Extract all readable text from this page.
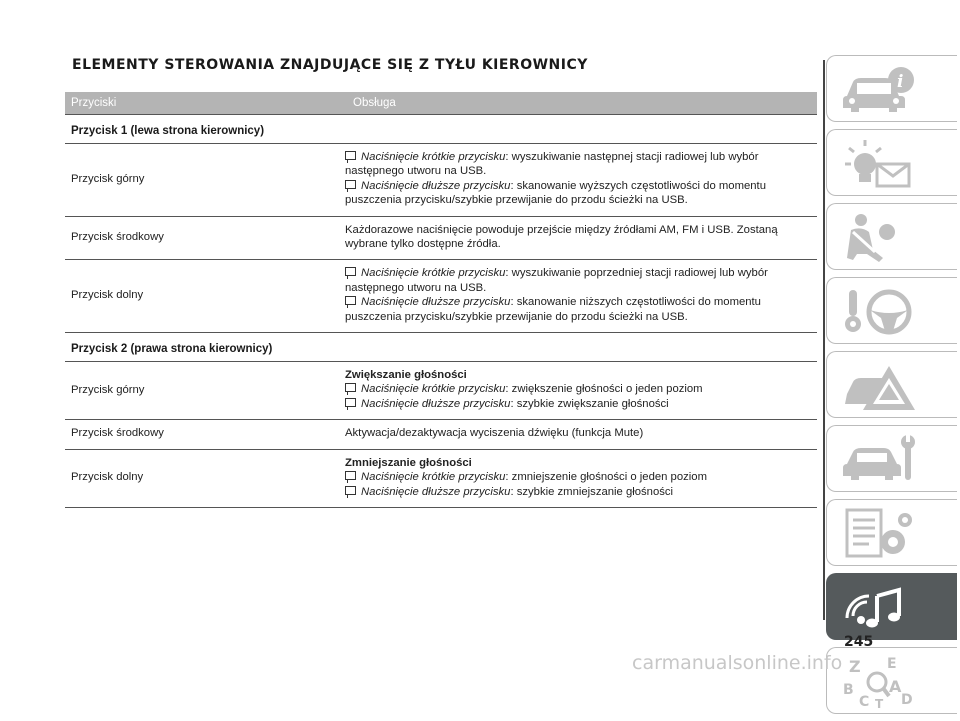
ELEMENTY STEROWANIA ZNAJDUJĄCE SIĘ Z TYŁU KIEROWNICY
Przyciski	Obsługa
Przycisk 1 (lewa strona kierownicy)
Przycisk górny
Naciśnięcie krótkie przycisku: wyszukiwanie następnej stacji radiowej lub wybór następnego utworu na USB.
Naciśnięcie dłuższe przycisku: skanowanie wyższych częstotliwości do momentu puszczenia przycisku/szybkie przewijanie do przodu ścieżki na USB.
Przycisk środkowy
Każdorazowe naciśnięcie powoduje przejście między źródłami AM, FM i USB. Zostaną wybrane tylko dostępne źródła.
Przycisk dolny
Naciśnięcie krótkie przycisku: wyszukiwanie poprzedniej stacji radiowej lub wybór następnego utworu na USB.
Naciśnięcie dłuższe przycisku: skanowanie niższych częstotliwości do momentu puszczenia przycisku/szybkie przewijanie do przodu ścieżki na USB.
Przycisk 2 (prawa strona kierownicy)
Przycisk górny
Zwiększanie głośności
Naciśnięcie krótkie przycisku: zwiększenie głośności o jeden poziom
Naciśnięcie dłuższe przycisku: szybkie zwiększanie głośności
Przycisk środkowy	Aktywacja/dezaktywacja wyciszenia dźwięku (funkcja Mute)
Przycisk dolny
Zmniejszanie głośności
Naciśnięcie krótkie przycisku: zmniejszenie głośności o jeden poziom
Naciśnięcie dłuższe przycisku: szybkie zmniejszanie głośności
i
Z E
B A
C D
T
245
carmanualsonline.info
